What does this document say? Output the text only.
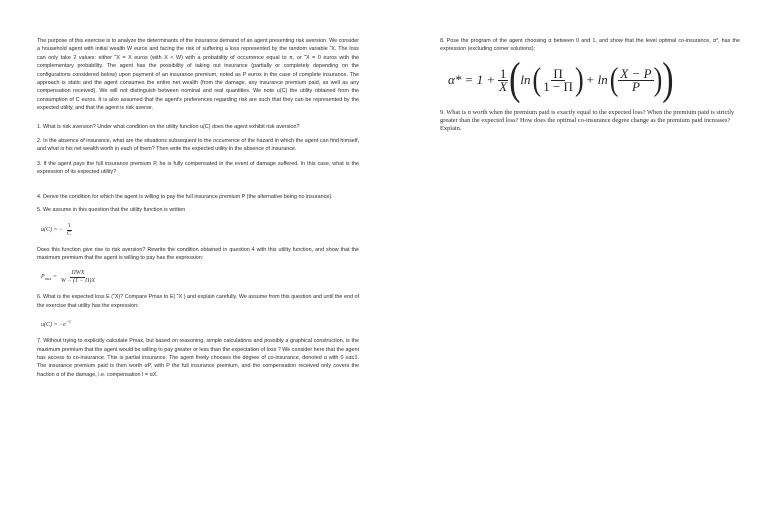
The purpose of this exercise is to analyze the determinants of the insurance demand of an agent presenting risk aversion. We consider a household agent with initial wealth W euros and facing the risk of suffering a loss represented by the random variable ˜X. The loss can only take 2 values: either ˜X = X euros (with X < W) with a probability of occurrence equal to π, or ˜X = 0 euros with the complementary probability. The agent has the possibility of taking out insurance (partially or completely depending on the configurations considered below) upon payment of an insurance premium, noted as P euros in the case of complete insurance. The approach is static and the agent consumes the entire net wealth (from the damage, any insurance premium paid, as well as any compensation received). We will not distinguish between nominal and real quantities. We note u(C) the utility obtained from the consumption of C euros. It is also assumed that the agent's preferences regarding risk are such that they can be represented by the expected utility, and that the agent is risk averse.

1. What is risk aversion? Under what condition on the utility function u(C) does the agent exhibit risk aversion?

2. In the absence of insurance, what are the situations subsequent to the occurrence of the hazard in which the agent can find himself, and what is his net wealth worth in each of them? Then write the expected utility in the absence of insurance.

3. If the agent pays the full insurance premium P, he is fully compensated in the event of damage suffered. In this case, what is the expression of its expected utility?

4. Derive the condition for which the agent is willing to pay the full insurance premium P (the alternative being no insurance).

5. We assume in this question that the utility function is written

u(C) = − $\frac{1}{C}$

Does this function give rise to risk aversion? Rewrite the condition obtained in question 4 with this utility function, and show that the maximum premium that the agent is willing to pay has the expression:

$P_{max} = \frac{\text{ΠWX}}{W - (1 - \Pi)X}$

6. What is the expected loss E (˜X)? Compare Pmax to E( ˜X ) and explain carefully. We assume from this question and until the end of the exercise that utility has the expression:

$u(C) = -e^{-C}$

7. Without trying to explicitly calculate Pmax, but based on reasoning, simple calculations and possibly a graphical construction, is the maximum premium that the agent would be willing to pay greater or less than the expectation of loss ? We consider here that the agent has access to co-insurance. This is partial insurance. The agent freely chooses the degree of co-insurance, denoted α with 0 ≤α≤1. The insurance premium paid is then worth αP, with P the full insurance premium, and the compensation received only covers the fraction α of the damage, i.e. compensation I = αX.

8. Pose the program of the agent choosing α between 0 and 1, and show that the level optimal co-insurance, α*, has the expression (excluding corner solutions):

$\alpha* = 1 + \frac{1}{X}$ ( ln ( $\frac{\Pi}{1 - \Pi}$ ) + ln ( $\frac{X - P}{P}$ ) )

9. What is α worth when the premium paid is exactly equal to the expected loss? When the premium paid is strictly greater than the expected loss? How does the optimal co-insurance degree change as the premium paid increases? Explain.
